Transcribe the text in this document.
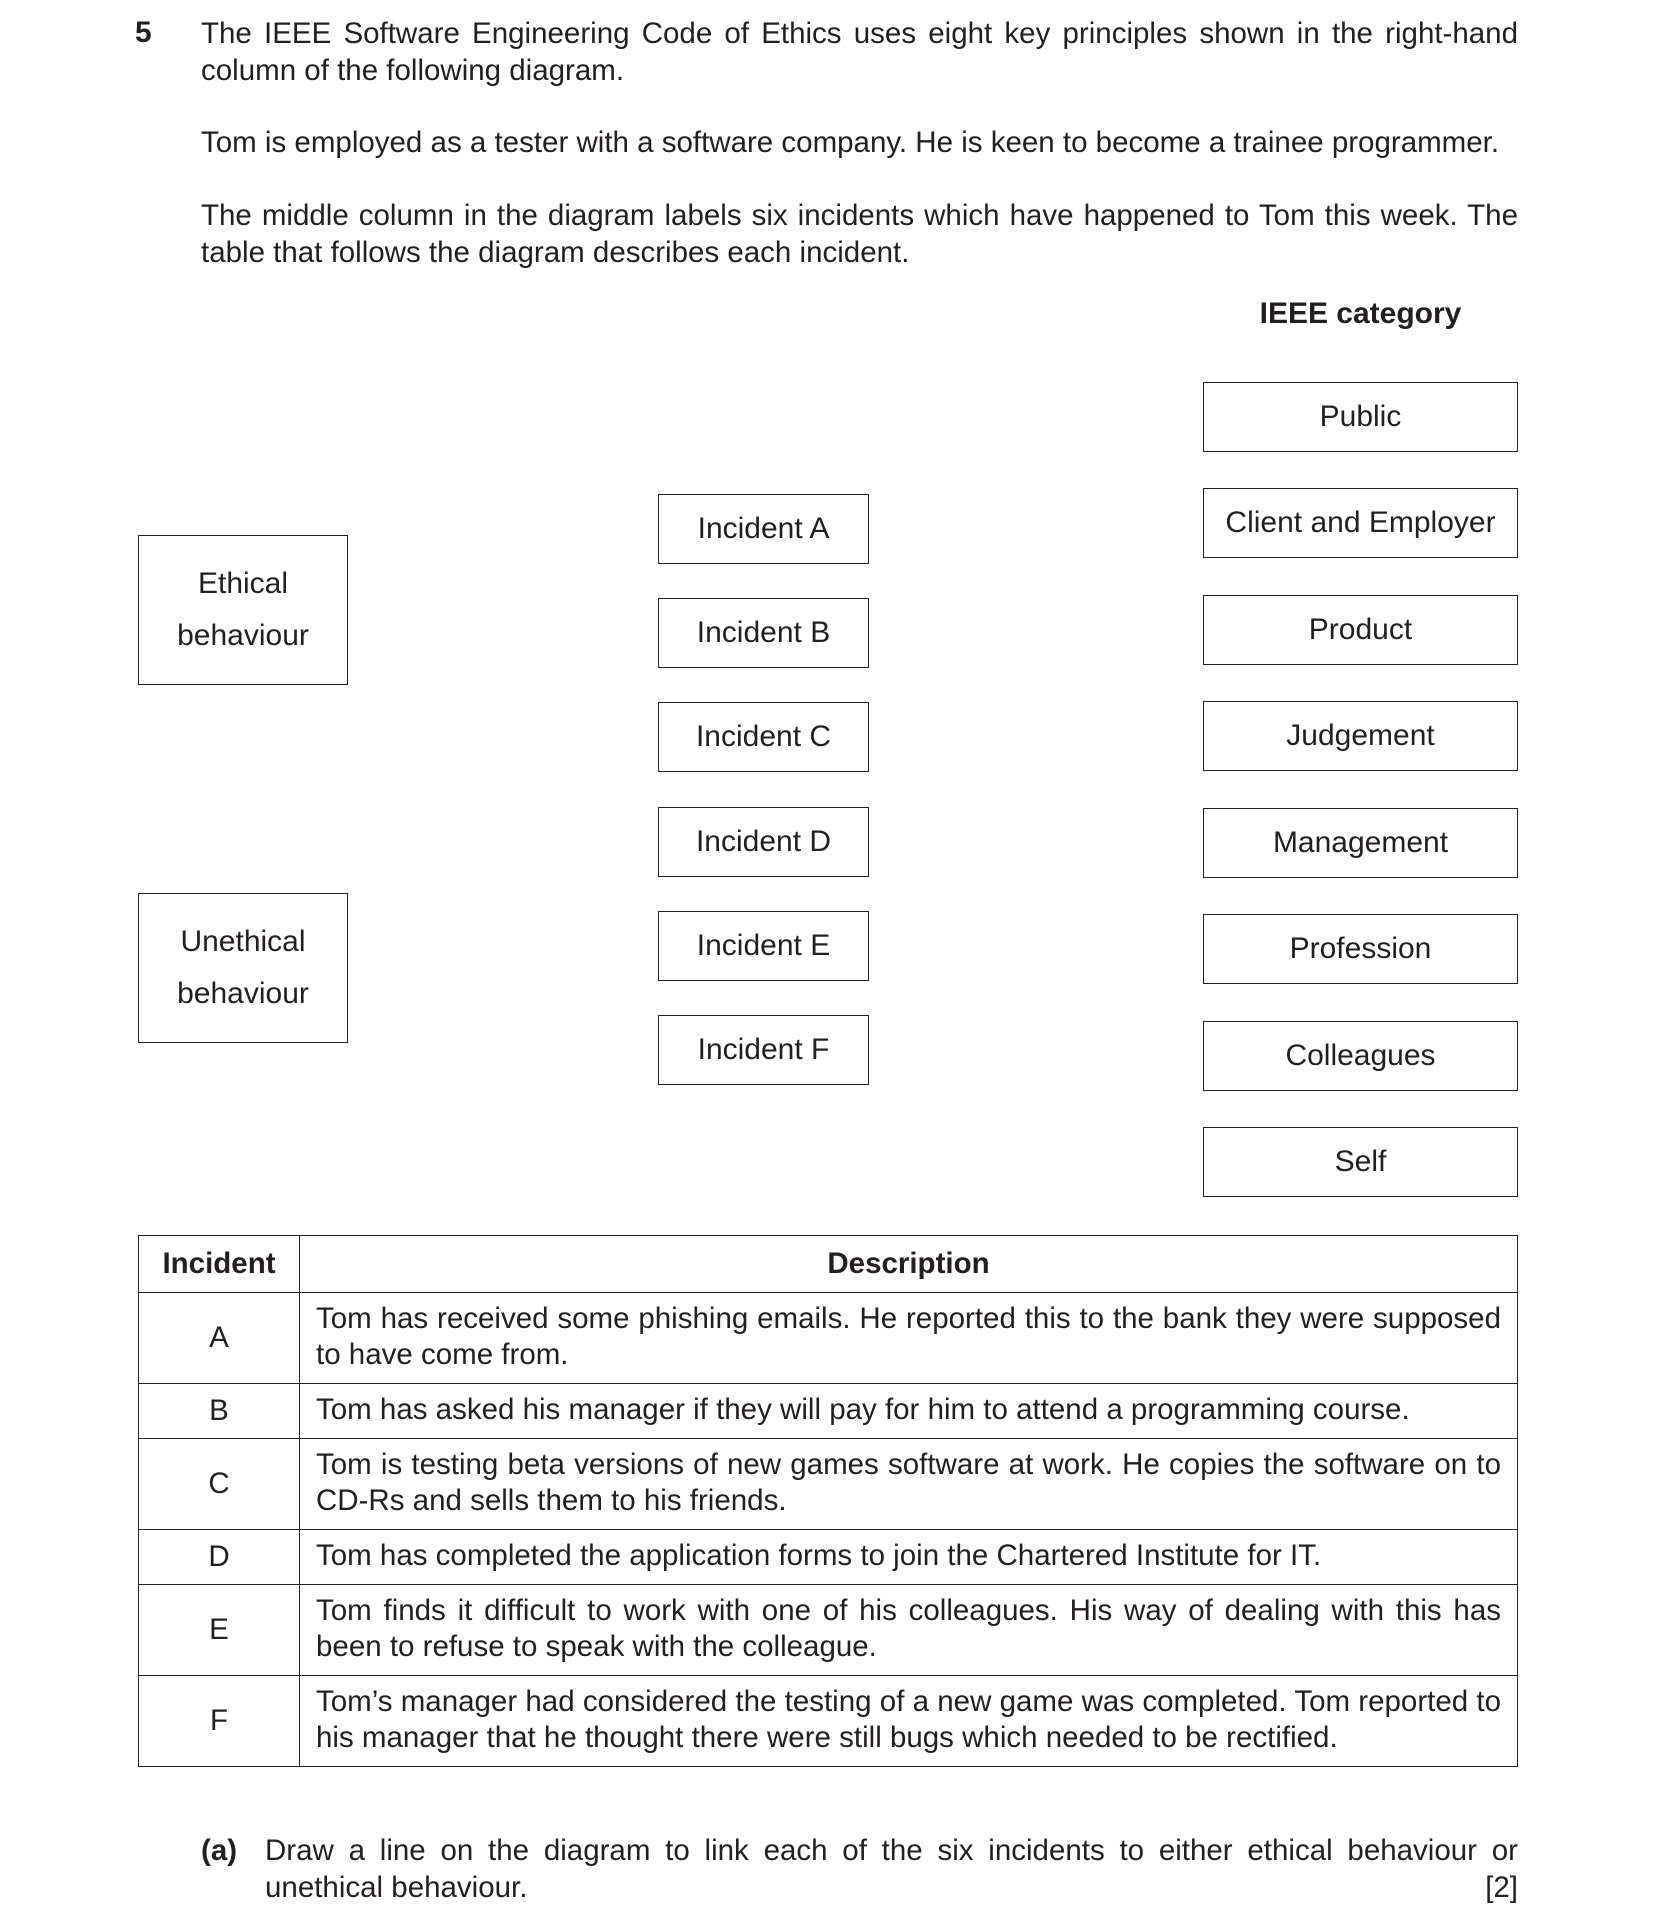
5 The IEEE Software Engineering Code of Ethics uses eight key principles shown in the right-hand column of the following diagram.

Tom is employed as a tester with a software company. He is keen to become a trainee programmer.

The middle column in the diagram labels six incidents which have happened to Tom this week. The table that follows the diagram describes each incident.

IEEE category
Ethical
behaviour
Unethical
behaviour
Incident A
Incident B
Incident C
Incident D
Incident E
Incident F
Public
Client and Employer
Product
Judgement
Management
Profession
Colleagues
Self
Incident	Description
A	Tom has received some phishing emails. He reported this to the bank they were supposed to have come from.
B	Tom has asked his manager if they will pay for him to attend a programming course.
C	Tom is testing beta versions of new games software at work. He copies the software on to CD-Rs and sells them to his friends.
D	Tom has completed the application forms to join the Chartered Institute for IT.
E	Tom finds it difficult to work with one of his colleagues. His way of dealing with this has been to refuse to speak with the colleague.
F	Tom’s manager had considered the testing of a new game was completed. Tom reported to his manager that he thought there were still bugs which needed to be rectified.
(a) Draw a line on the diagram to link each of the six incidents to either ethical behaviour or unethical behaviour.	[2]
